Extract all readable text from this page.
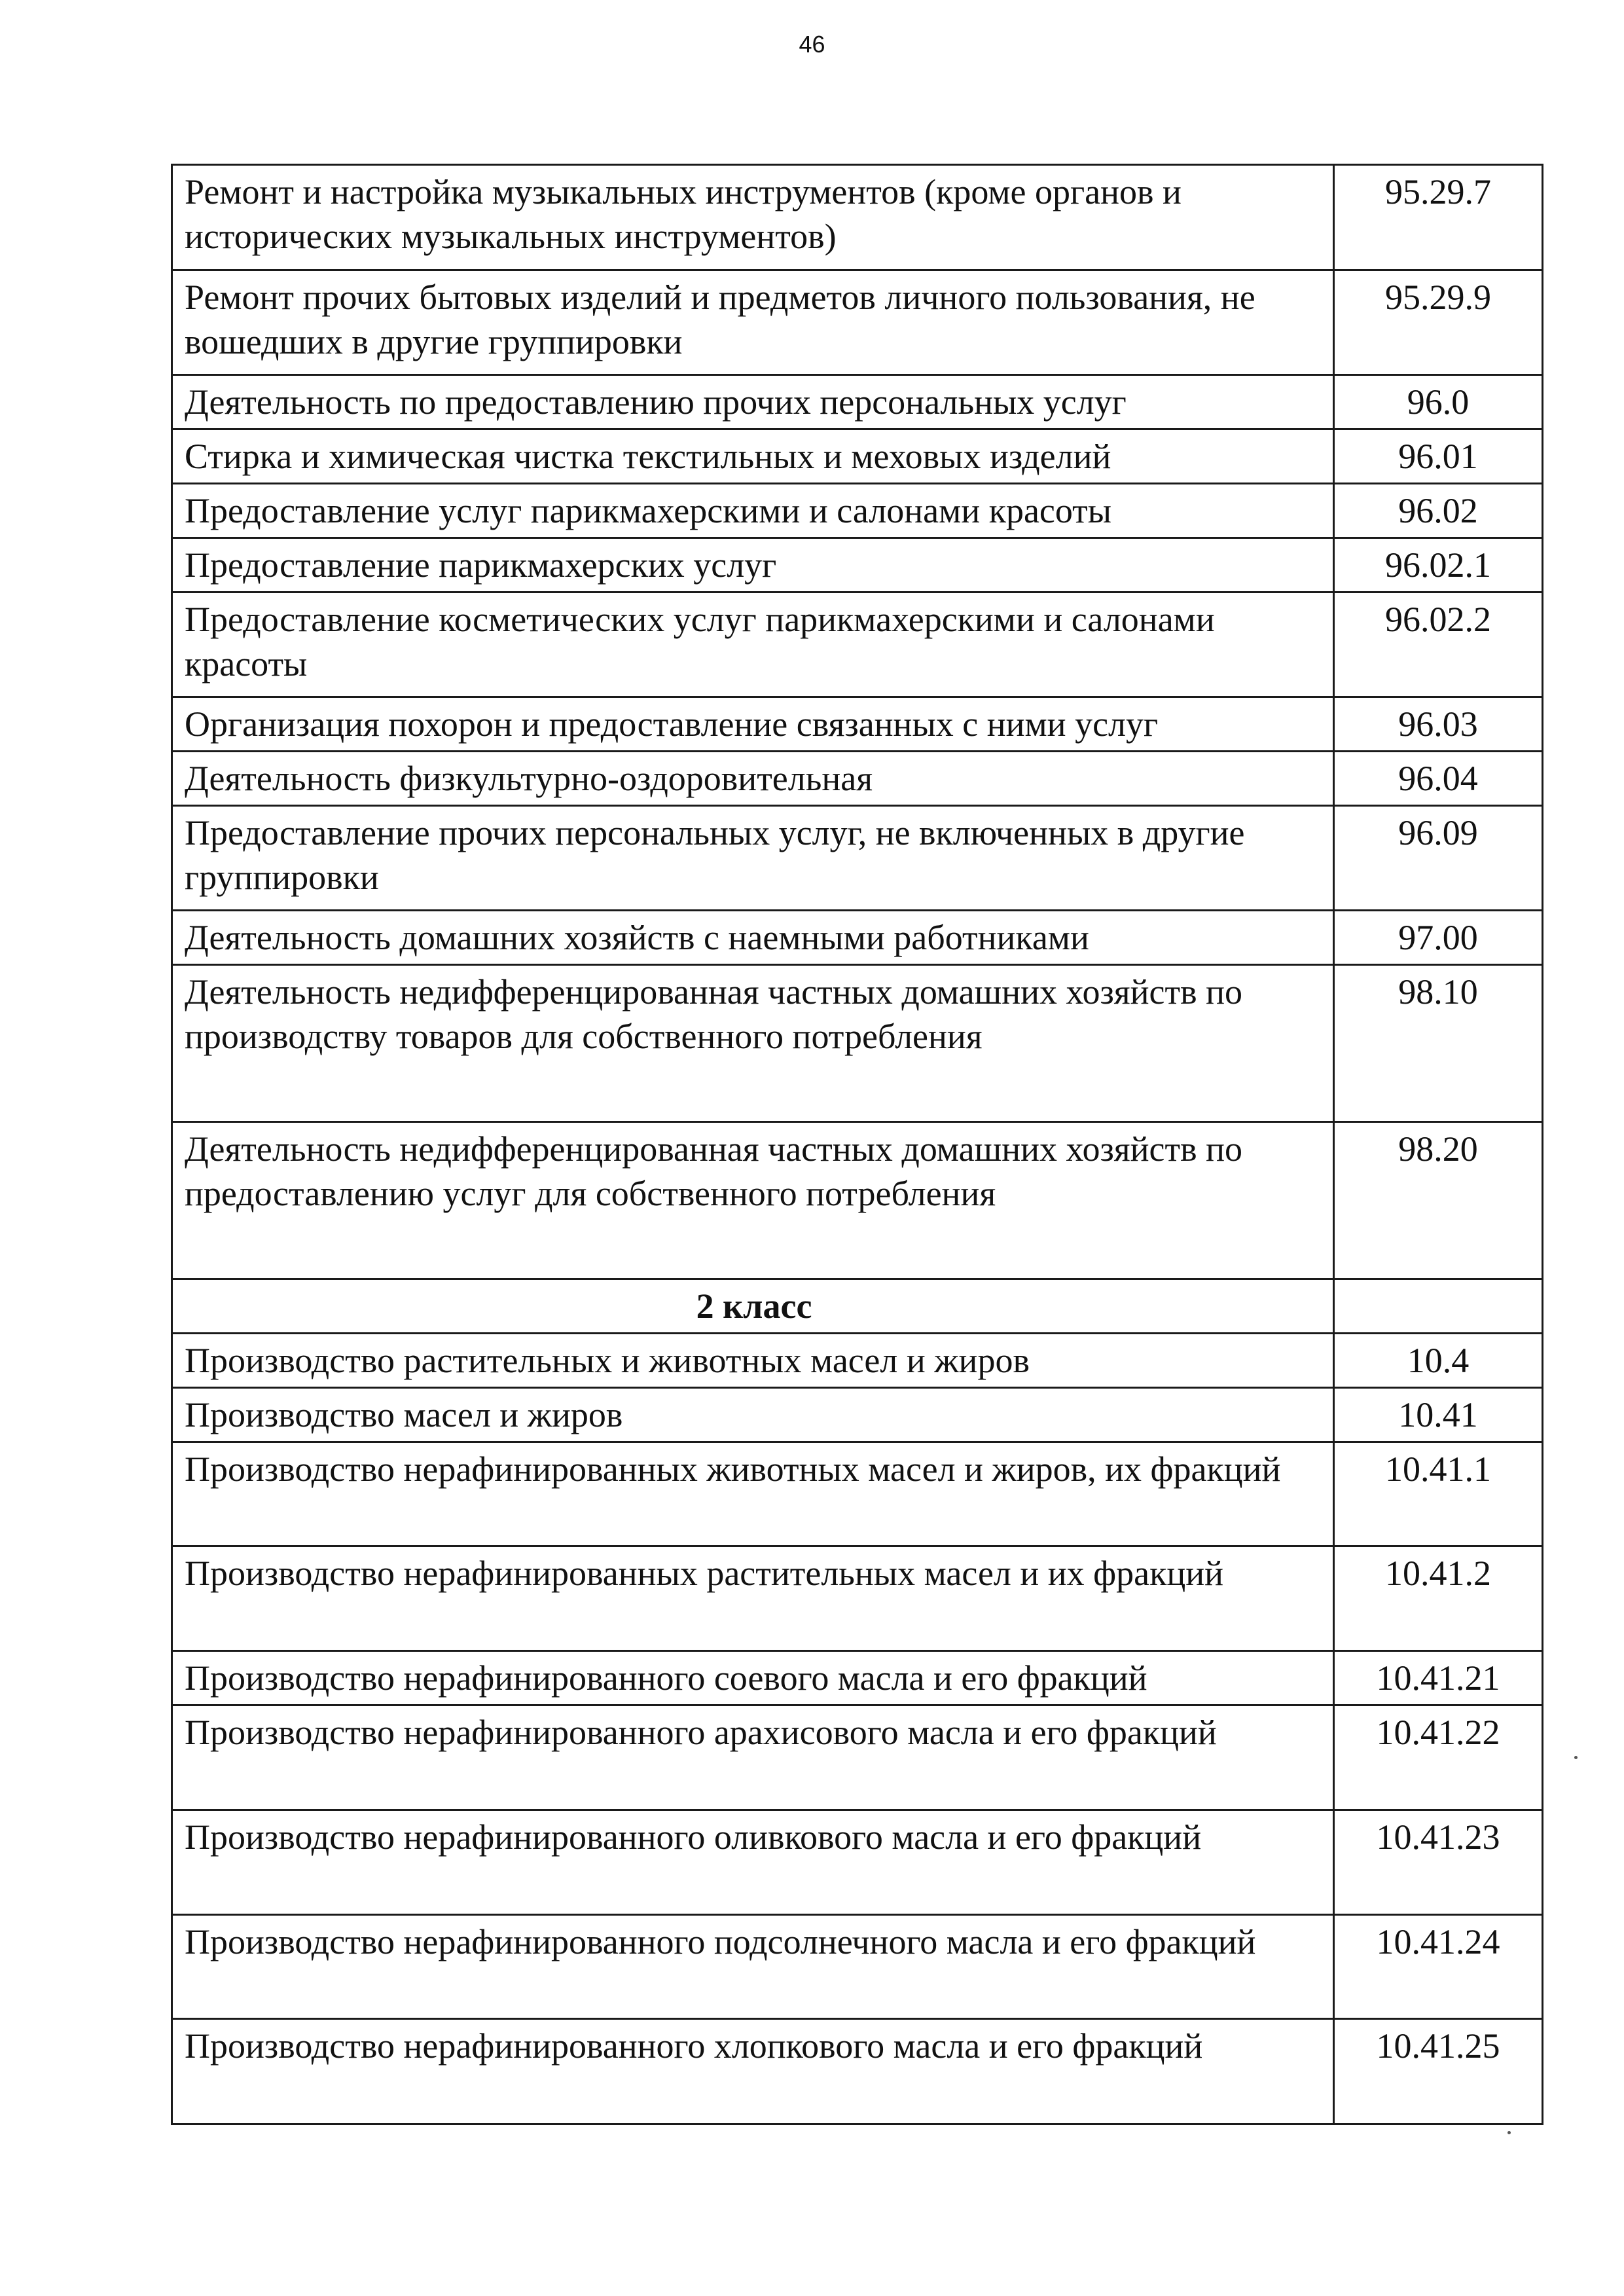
46
Ремонт и настройка музыкальных инструментов (кроме органов и исторических музыкальных инструментов)	95.29.7
Ремонт прочих бытовых изделий и предметов личного пользования, не вошедших в другие группировки	95.29.9
Деятельность по предоставлению прочих персональных услуг	96.0
Стирка и химическая чистка текстильных и меховых изделий	96.01
Предоставление услуг парикмахерскими и салонами красоты	96.02
Предоставление парикмахерских услуг	96.02.1
Предоставление косметических услуг парикмахерскими и салонами красоты	96.02.2
Организация похорон и предоставление связанных с ними услуг	96.03
Деятельность физкультурно-оздоровительная	96.04
Предоставление прочих персональных услуг, не включенных в другие группировки	96.09
Деятельность домашних хозяйств с наемными работниками	97.00
Деятельность недифференцированная частных домашних хозяйств по производству товаров для собственного потребления	98.10
Деятельность недифференцированная частных домашних хозяйств по предоставлению услуг для собственного потребления	98.20
2 класс	
Производство растительных и животных масел и жиров	10.4
Производство масел и жиров	10.41
Производство нерафинированных животных масел и жиров, их фракций	10.41.1
Производство нерафинированных растительных масел и их фракций	10.41.2
Производство нерафинированного соевого масла и его фракций	10.41.21
Производство нерафинированного арахисового масла и его фракций	10.41.22
Производство нерафинированного оливкового масла и его фракций	10.41.23
Производство нерафинированного подсолнечного масла и его фракций	10.41.24
Производство нерафинированного хлопкового масла и его фракций	10.41.25
